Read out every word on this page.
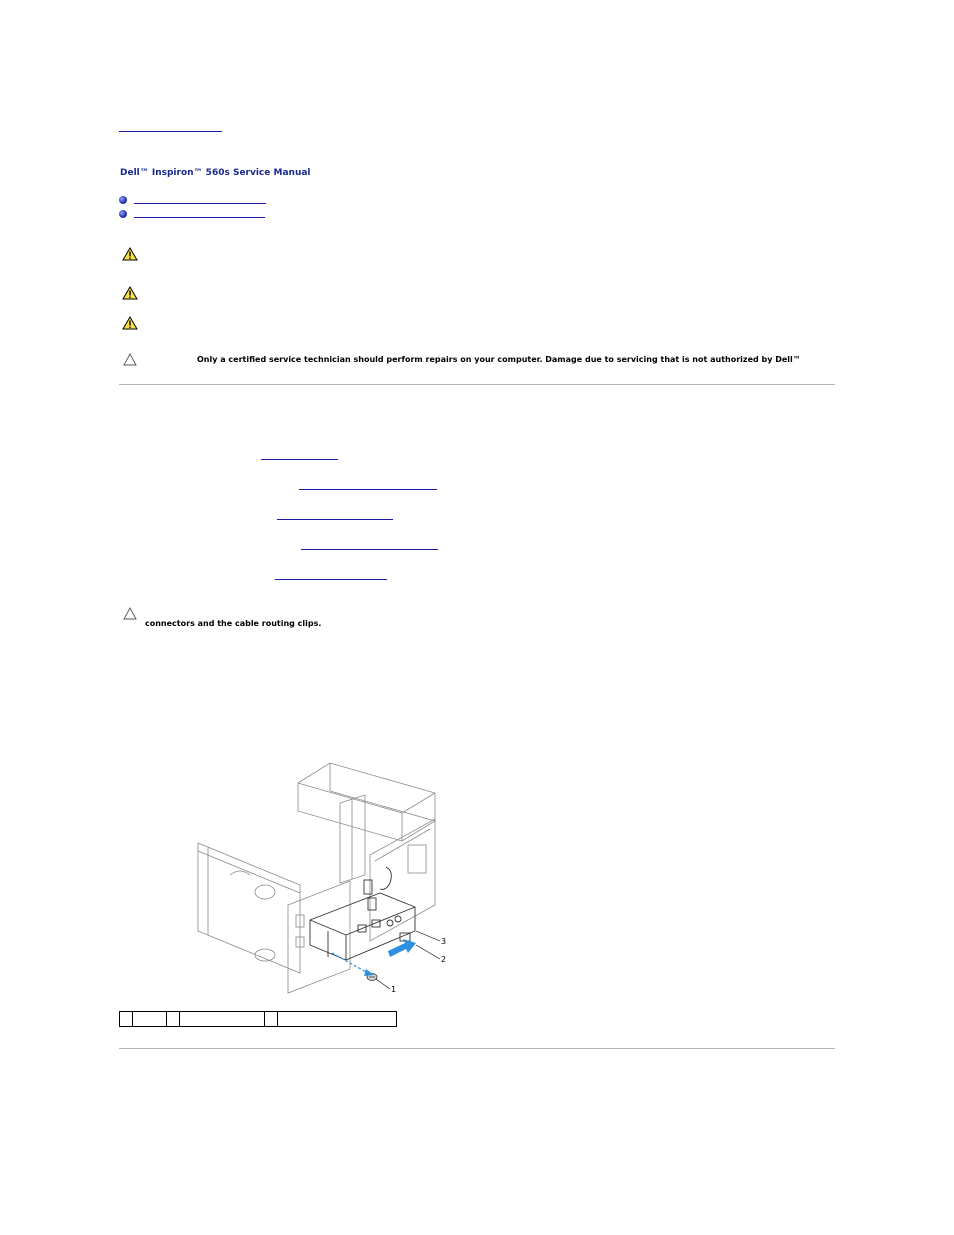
Dell™ Inspiron™ 560s Service Manual
Only a certified service technician should perform repairs on your computer. Damage due to servicing that is not authorized by Dell™
connectors and the cable routing clips.
1
2
3
